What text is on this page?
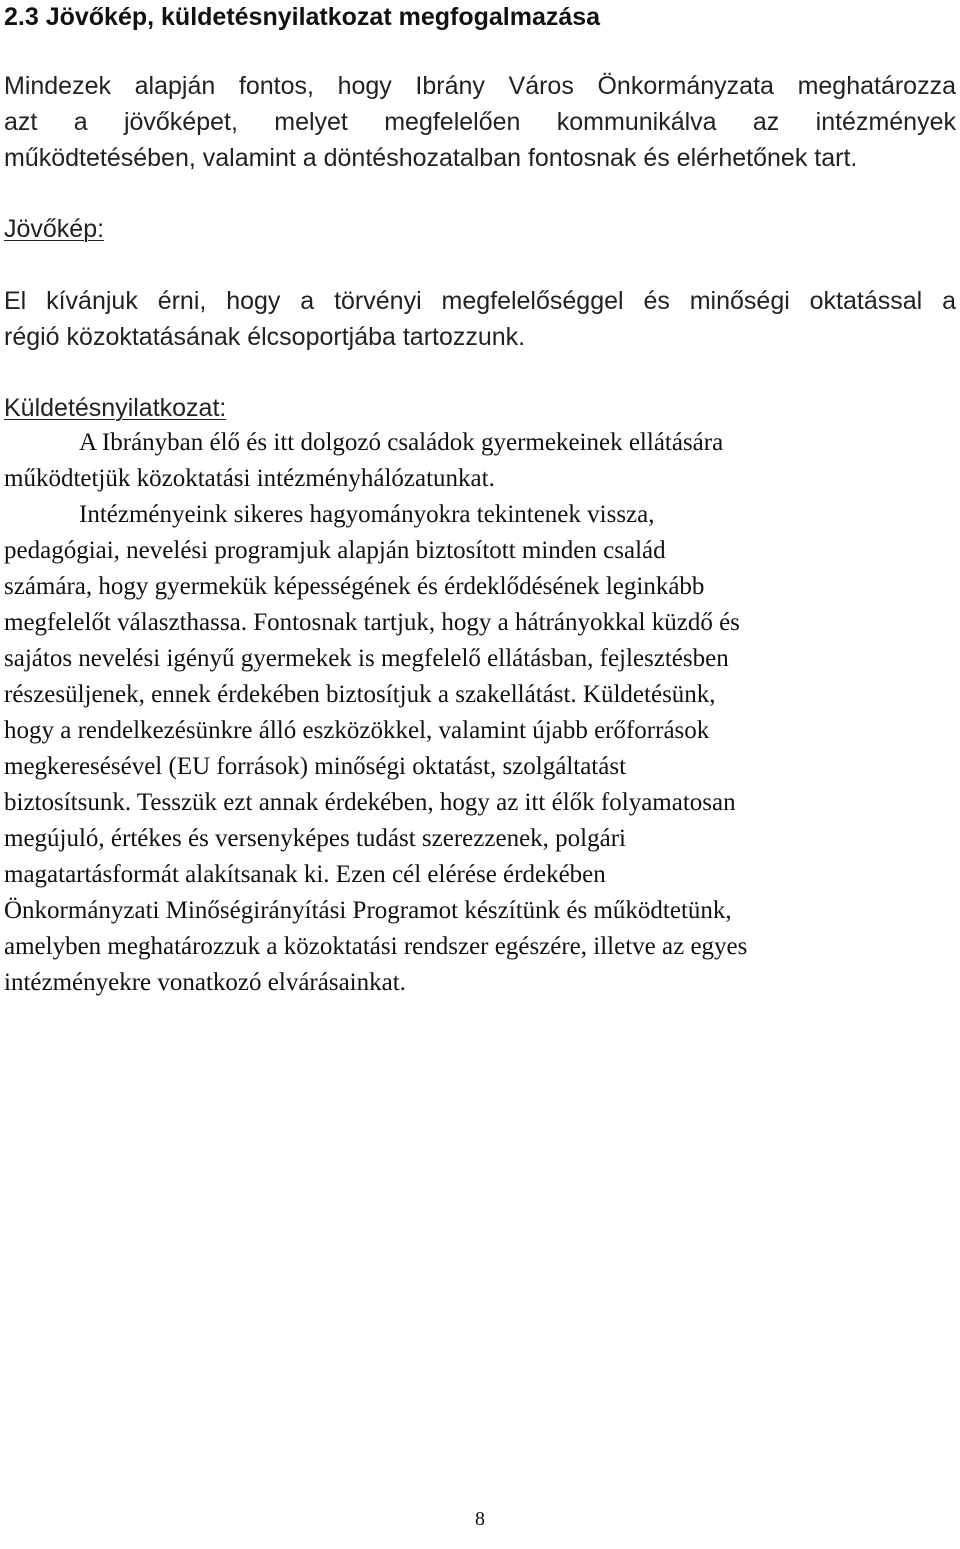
2.3 Jövőkép, küldetésnyilatkozat megfogalmazása
Mindezek alapján fontos, hogy Ibrány Város Önkormányzata meghatározza
azt a jövőképet, melyet megfelelően kommunikálva az intézmények
működtetésében, valamint a döntéshozatalban fontosnak és elérhetőnek tart.
Jövőkép:
El kívánjuk érni, hogy a törvényi megfelelőséggel és minőségi oktatással a
régió közoktatásának élcsoportjába tartozzunk.
Küldetésnyilatkozat:
A Ibrányban élő és itt dolgozó családok gyermekeinek ellátására
működtetjük közoktatási intézményhálózatunkat.
Intézményeink sikeres hagyományokra tekintenek vissza,
pedagógiai, nevelési programjuk alapján biztosított minden család
számára, hogy gyermekük képességének és érdeklődésének leginkább
megfelelőt választhassa. Fontosnak tartjuk, hogy a hátrányokkal küzdő és
sajátos nevelési igényű gyermekek is megfelelő ellátásban, fejlesztésben
részesüljenek, ennek érdekében biztosítjuk a szakellátást. Küldetésünk,
hogy a rendelkezésünkre álló eszközökkel, valamint újabb erőforrások
megkeresésével (EU források) minőségi oktatást, szolgáltatást
biztosítsunk. Tesszük ezt annak érdekében, hogy az itt élők folyamatosan
megújuló, értékes és versenyképes tudást szerezzenek, polgári
magatartásformát alakítsanak ki. Ezen cél elérése érdekében
Önkormányzati Minőségirányítási Programot készítünk és működtetünk,
amelyben meghatározzuk a közoktatási rendszer egészére, illetve az egyes
intézményekre vonatkozó elvárásainkat.
8
